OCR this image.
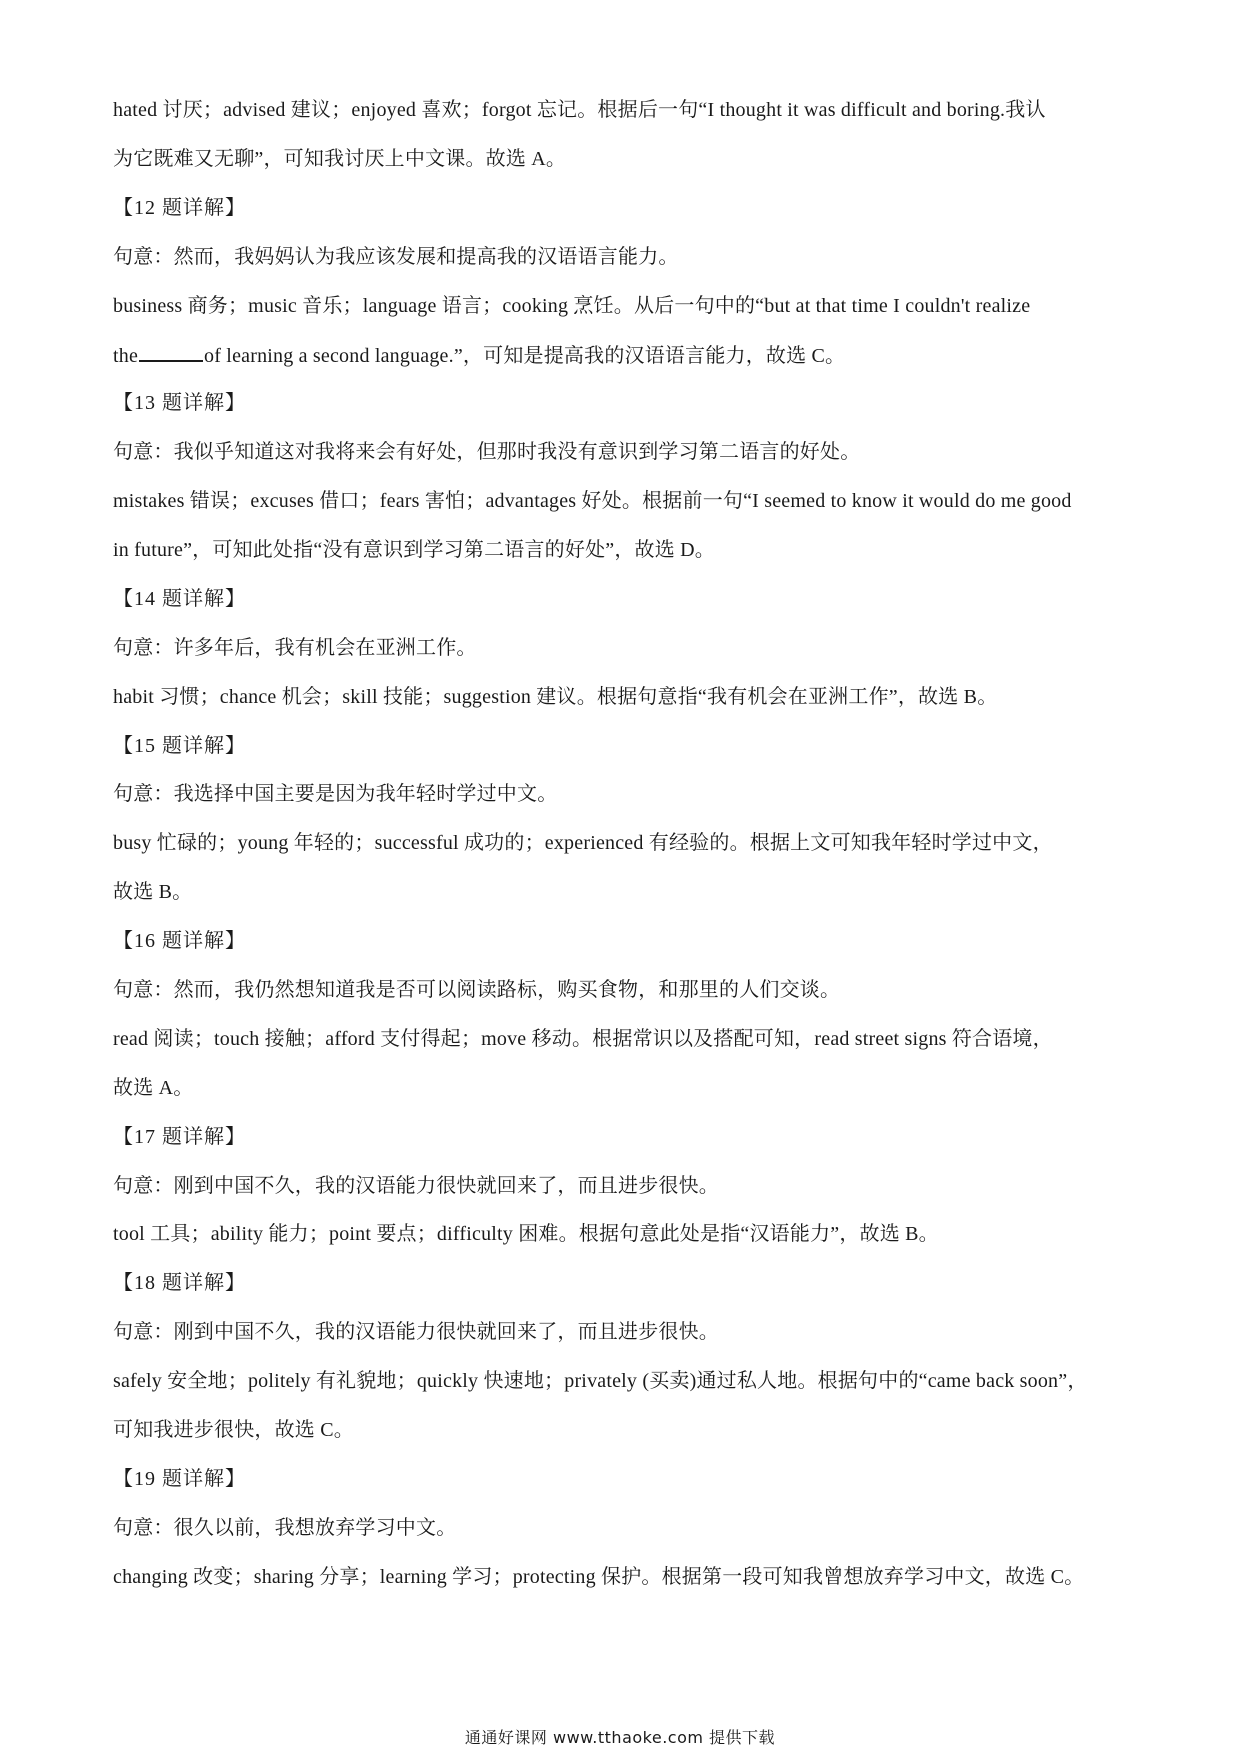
hated 讨厌；advised 建议；enjoyed 喜欢；forgot 忘记。根据后一句“I thought it was difficult and boring.我认
为它既难又无聊”，可知我讨厌上中文课。故选 A。
【12 题详解】
句意：然而，我妈妈认为我应该发展和提高我的汉语语言能力。
business 商务；music 音乐；language 语言；cooking 烹饪。从后一句中的“but at that time I couldn't realize
the	of learning a second language.”，可知是提高我的汉语语言能力，故选 C。
【13 题详解】
句意：我似乎知道这对我将来会有好处，但那时我没有意识到学习第二语言的好处。
mistakes 错误；excuses 借口；fears 害怕；advantages 好处。根据前一句“I seemed to know it would do me good
in future”，可知此处指“没有意识到学习第二语言的好处”，故选 D。
【14 题详解】
句意：许多年后，我有机会在亚洲工作。
habit 习惯；chance 机会；skill 技能；suggestion 建议。根据句意指“我有机会在亚洲工作”，故选 B。
【15 题详解】
句意：我选择中国主要是因为我年轻时学过中文。
busy 忙碌的；young 年轻的；successful 成功的；experienced 有经验的。根据上文可知我年轻时学过中文，
故选 B。
【16 题详解】
句意：然而，我仍然想知道我是否可以阅读路标，购买食物，和那里的人们交谈。
read 阅读；touch 接触；afford 支付得起；move 移动。根据常识以及搭配可知，read street signs 符合语境，
故选 A。
【17 题详解】
句意：刚到中国不久，我的汉语能力很快就回来了，而且进步很快。
tool 工具；ability 能力；point 要点；difficulty 困难。根据句意此处是指“汉语能力”，故选 B。
【18 题详解】
句意：刚到中国不久，我的汉语能力很快就回来了，而且进步很快。
safely 安全地；politely 有礼貌地；quickly 快速地；privately (买卖)通过私人地。根据句中的“came back soon”，
可知我进步很快，故选 C。
【19 题详解】
句意：很久以前，我想放弃学习中文。
changing 改变；sharing 分享；learning 学习；protecting 保护。根据第一段可知我曾想放弃学习中文，故选 C。
通通好课网 www.tthaoke.com 提供下载
